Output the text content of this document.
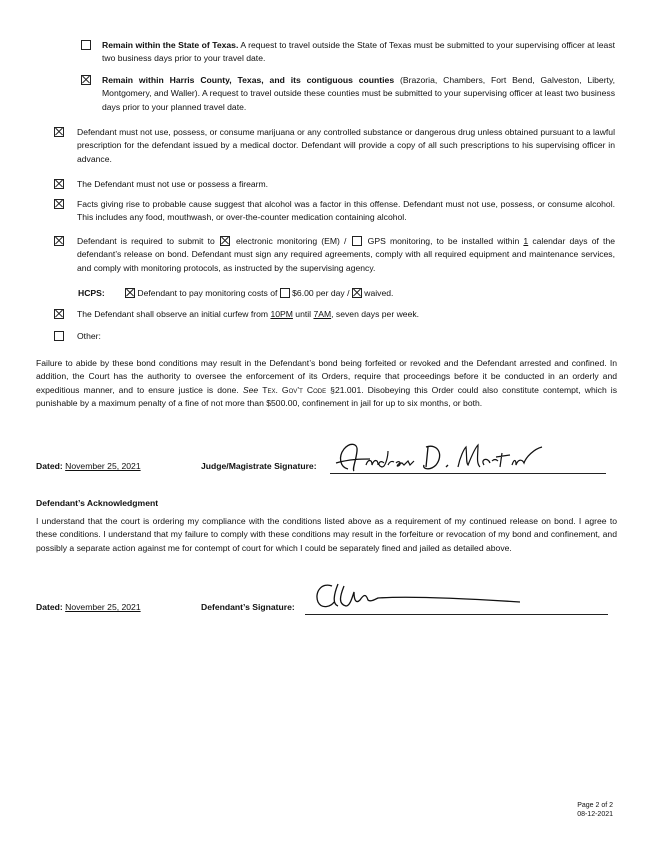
Remain within the State of Texas. A request to travel outside the State of Texas must be submitted to your supervising officer at least two business days prior to your travel date.
Remain within Harris County, Texas, and its contiguous counties (Brazoria, Chambers, Fort Bend, Galveston, Liberty, Montgomery, and Waller). A request to travel outside these counties must be submitted to your supervising officer at least two business days prior to your planned travel date.
Defendant must not use, possess, or consume marijuana or any controlled substance or dangerous drug unless obtained pursuant to a lawful prescription for the defendant issued by a medical doctor. Defendant will provide a copy of all such prescriptions to his supervising officer in advance.
The Defendant must not use or possess a firearm.
Facts giving rise to probable cause suggest that alcohol was a factor in this offense. Defendant must not use, possess, or consume alcohol. This includes any food, mouthwash, or over-the-counter medication containing alcohol.
Defendant is required to submit to  electronic monitoring (EM) /  GPS monitoring, to be installed within 1 calendar days of the defendant’s release on bond. Defendant must sign any required agreements, comply with all required equipment and maintenance services, and comply with monitoring protocols, as instructed by the supervising agency.
HCPS:	Defendant to pay monitoring costs of $6.00 per day / waived.
The Defendant shall observe an initial curfew from 10PM until 7AM, seven days per week.
Other:
Failure to abide by these bond conditions may result in the Defendant’s bond being forfeited or revoked and the Defendant arrested and confined. In addition, the Court has the authority to oversee the enforcement of its Orders, require that proceedings before it be conducted in an orderly and expeditious manner, and to ensure justice is done. See Tex. Gov’t Code §21.001. Disobeying this Order could also constitute contempt, which is punishable by a maximum penalty of a fine of not more than $500.00, confinement in jail for up to six months, or both.
Dated: November 25, 2021	Judge/Magistrate Signature:
Defendant’s Acknowledgment
I understand that the court is ordering my compliance with the conditions listed above as a requirement of my continued release on bond. I agree to these conditions. I understand that my failure to comply with these conditions may result in the forfeiture or revocation of my bond and confinement, and possibly a separate action against me for contempt of court for which I could be separately fined and jailed as detailed above.
Dated: November 25, 2021	Defendant’s Signature:
Page 2 of 2
08-12-2021
